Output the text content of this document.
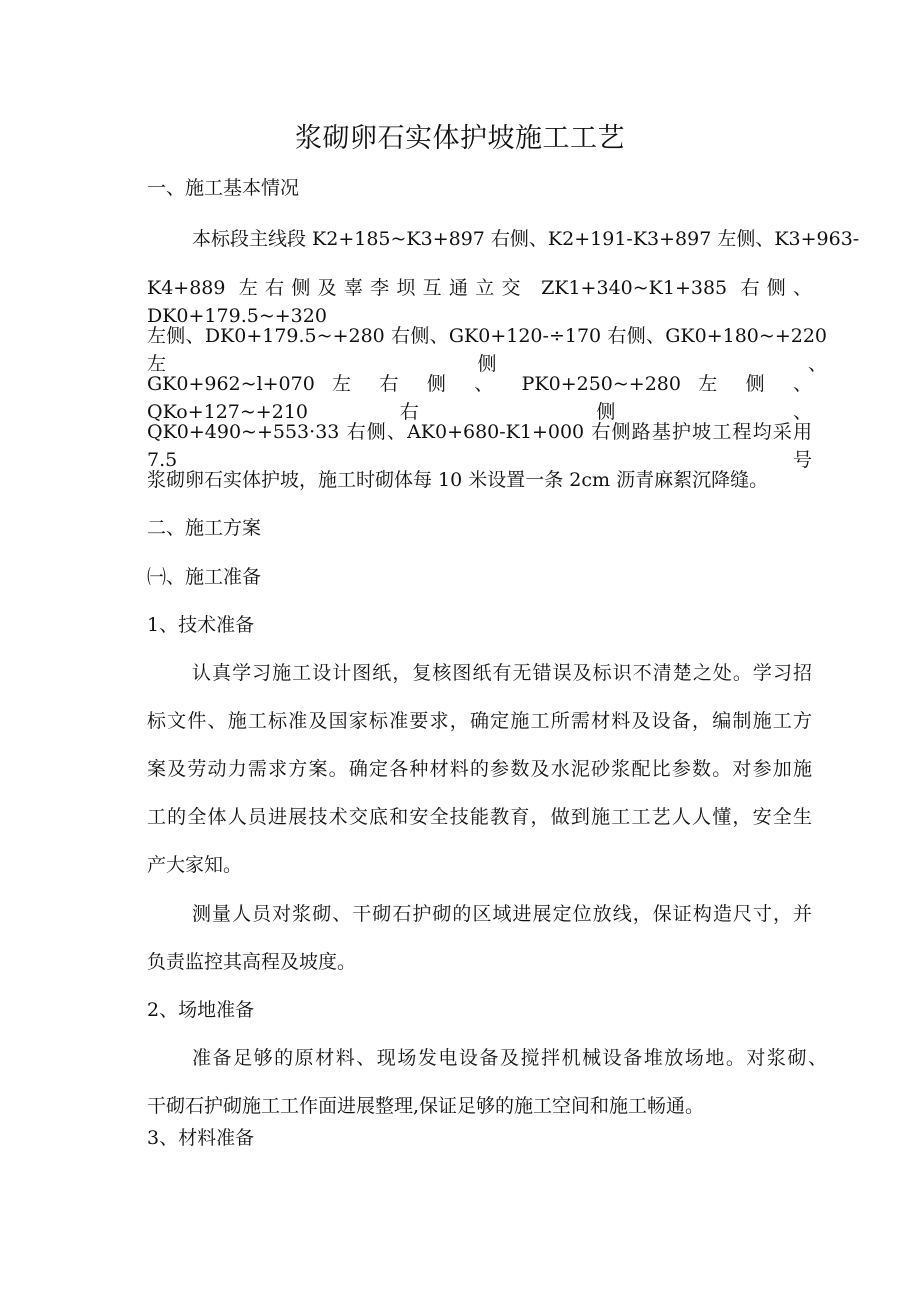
浆砌卵石实体护坡施工工艺
一、施工基本情况
本标段主线段 K2+185~K3+897 右侧、K2+191-K3+897 左侧、K3+963-
K4+889 左右侧及辜李坝互通立交 ZK1+340~K1+385 右侧、DK0+179.5~+320
左侧、DK0+179.5~+280 右侧、GK0+120-÷170 右侧、GK0+180~+220 左侧、
GK0+962~l+070 左 右 侧 、 PK0+250~+280 左 侧 、 QKo+127~+210 右 侧 、
QK0+490~+553·33 右侧、AK0+680-K1+000 右侧路基护坡工程均采用 7.5 号
浆砌卵石实体护坡，施工时砌体每 10 米设置一条 2cm 沥青麻絮沉降缝。
二、施工方案
㈠、施工准备
1、技术准备
认真学习施工设计图纸，复核图纸有无错误及标识不清楚之处。学习招
标文件、施工标准及国家标准要求，确定施工所需材料及设备，编制施工方
案及劳动力需求方案。确定各种材料的参数及水泥砂浆配比参数。对参加施
工的全体人员进展技术交底和安全技能教育，做到施工工艺人人懂，安全生
产大家知。
测量人员对浆砌、干砌石护砌的区域进展定位放线，保证构造尺寸，并
负责监控其高程及坡度。
2、场地准备
准备足够的原材料、现场发电设备及搅拌机械设备堆放场地。对浆砌、
干砌石护砌施工工作面进展整理,保证足够的施工空间和施工畅通。
3、材料准备
